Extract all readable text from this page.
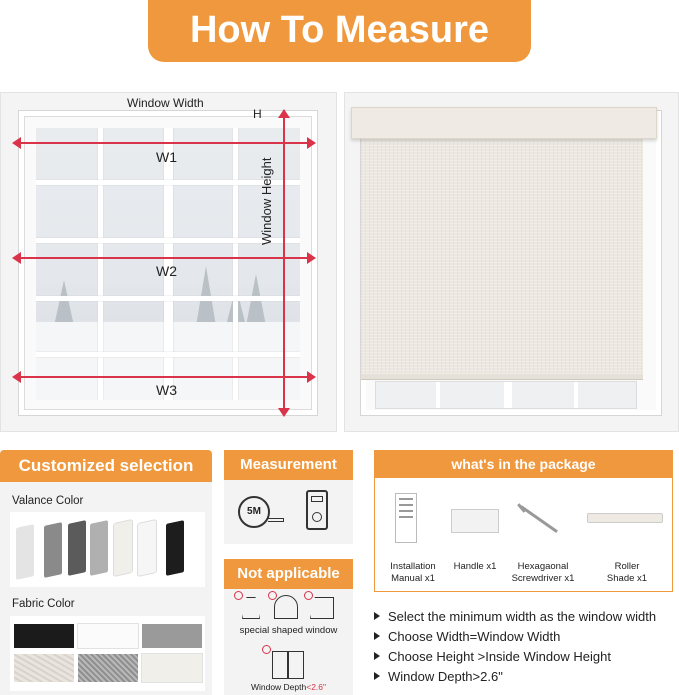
How To Measure
Window Width
H
W1
W2
W3
Window Height
Customized selection
Valance Color
Fabric Color
Measurement
5M
Not applicable
special shaped window
Window Depth<2.6"
what's in the package
Installation
Manual x1
Handle x1	Hexagaonal
Screwdriver x1
Roller
Shade x1
Select the minimum width as the window width
Choose Width=Window Width
Choose Height >Inside Window Height
Window Depth>2.6"
